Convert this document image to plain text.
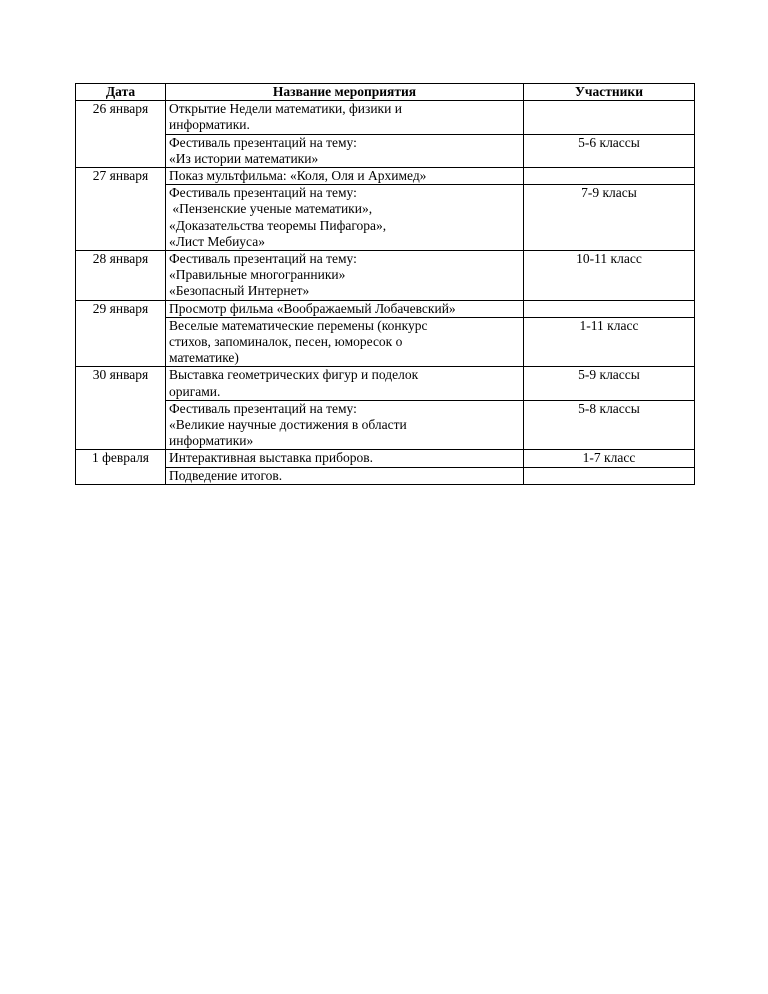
Дата	Название мероприятия	Участники
26 января	Открытие Недели математики, физики и
информатики.	

	Фестиваль презентаций на тему:
«Из истории математики»	5-6 классы
27 января	Показ мультфильма: «Коля, Оля и Архимед»	

	Фестиваль презентаций на тему:
«Пензенские ученые математики»,
«Доказательства теоремы Пифагора»,
«Лист Мебиуса»	7-9 класы
28 января	Фестиваль презентаций на тему:
«Правильные многогранники»
«Безопасный Интернет»	10-11 класс
29 января	Просмотр фильма «Воображаемый Лобачевский»	

	Веселые математические перемены (конкурс
стихов, запоминалок, песен, юморесок о
математике)	1-11 класс
30 января	Выставка геометрических фигур и поделок
оригами.	5-9 классы

	Фестиваль презентаций на тему:
«Великие научные достижения в области
информатики»	5-8 классы
1 февраля	Интерактивная выставка приборов.	1-7 класс

	Подведение итогов.	
